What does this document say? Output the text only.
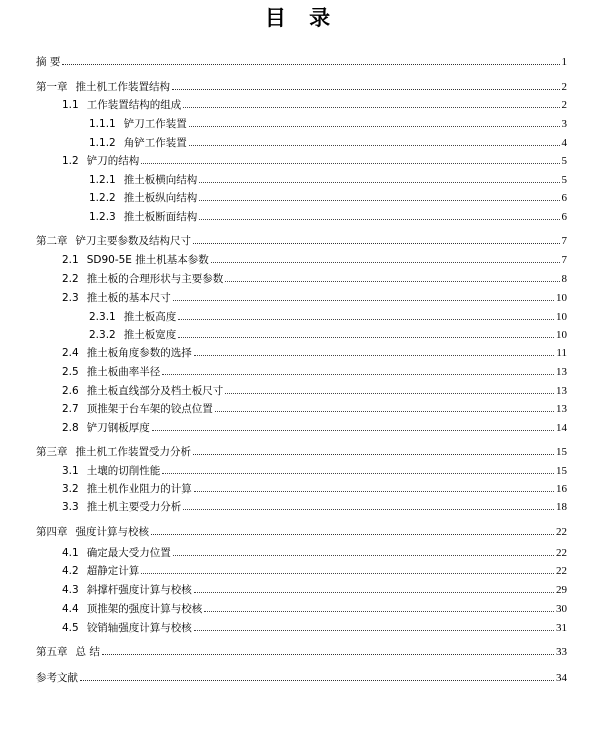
目 录
摘 要	1
第一章 推土机工作装置结构	2
1.1 工作装置结构的组成	2
1.1.1 铲刀工作装置	3
1.1.2 角铲工作装置	4
1.2 铲刀的结构	5
1.2.1 推土板横向结构	5
1.2.2 推土板纵向结构	6
1.2.3 推土板断面结构	6
第二章 铲刀主要参数及结构尺寸	7
2.1 SD90-5E 推土机基本参数	7
2.2 推土板的合理形状与主要参数	8
2.3 推土板的基本尺寸	10
2.3.1 推土板高度	10
2.3.2 推土板宽度	10
2.4 推土板角度参数的选择	11
2.5 推土板曲率半径	13
2.6 推土板直线部分及档土板尺寸	13
2.7 顶推架于台车架的铰点位置	13
2.8 铲刀钢板厚度	14
第三章 推土机工作装置受力分析	15
3.1 土壤的切削性能	15
3.2 推土机作业阻力的计算	16
3.3 推土机主要受力分析	18
第四章 强度计算与校核	22
4.1 确定最大受力位置	22
4.2 超静定计算	22
4.3 斜撑杆强度计算与校核	29
4.4 顶推架的强度计算与校核	30
4.5 铰销轴强度计算与校核	31
第五章 总 结	33
参考文献	34
